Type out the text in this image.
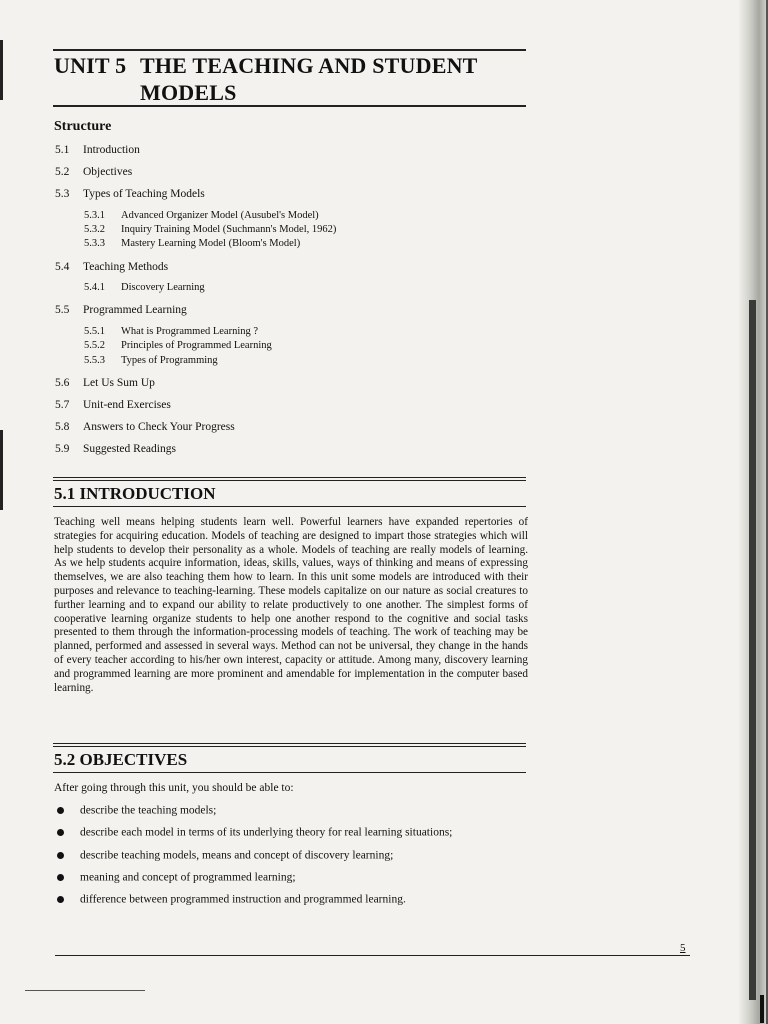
UNIT 5 THE TEACHING AND STUDENT
MODELS
Structure
5.1 Introduction
5.2 Objectives
5.3 Types of Teaching Models
5.3.1 Advanced Organizer Model (Ausubel's Model)
5.3.2 Inquiry Training Model (Suchmann's Model, 1962)
5.3.3 Mastery Learning Model (Bloom's Model)
5.4 Teaching Methods
5.4.1 Discovery Learning
5.5 Programmed Learning
5.5.1 What is Programmed Learning ?
5.5.2 Principles of Programmed Learning
5.5.3 Types of Programming
5.6 Let Us Sum Up
5.7 Unit-end Exercises
5.8 Answers to Check Your Progress
5.9 Suggested Readings
5.1 INTRODUCTION
Teaching well means helping students learn well. Powerful learners have expanded repertories of strategies for acquiring education. Models of teaching are designed to impart those strategies which will help students to develop their personality as a whole. Models of teaching are really models of learning. As we help students acquire information, ideas, skills, values, ways of thinking and means of expressing themselves, we are also teaching them how to learn. In this unit some models are introduced with their purposes and relevance to teaching-learning. These models capitalize on our nature as social creatures to further learning and to expand our ability to relate productively to one another. The simplest forms of cooperative learning organize students to help one another respond to the cognitive and social tasks presented to them through the information-processing models of teaching. The work of teaching may be planned, performed and assessed in several ways. Method can not be universal, they change in the hands of every teacher according to his/her own interest, capacity or attitude. Among many, discovery learning and programmed learning are more prominent and amendable for implementation in the computer based learning.
5.2 OBJECTIVES
After going through this unit, you should be able to:
describe the teaching models;
describe each model in terms of its underlying theory for real learning situations;
describe teaching models, means and concept of discovery learning;
meaning and concept of programmed learning;
difference between programmed instruction and programmed learning.
5
